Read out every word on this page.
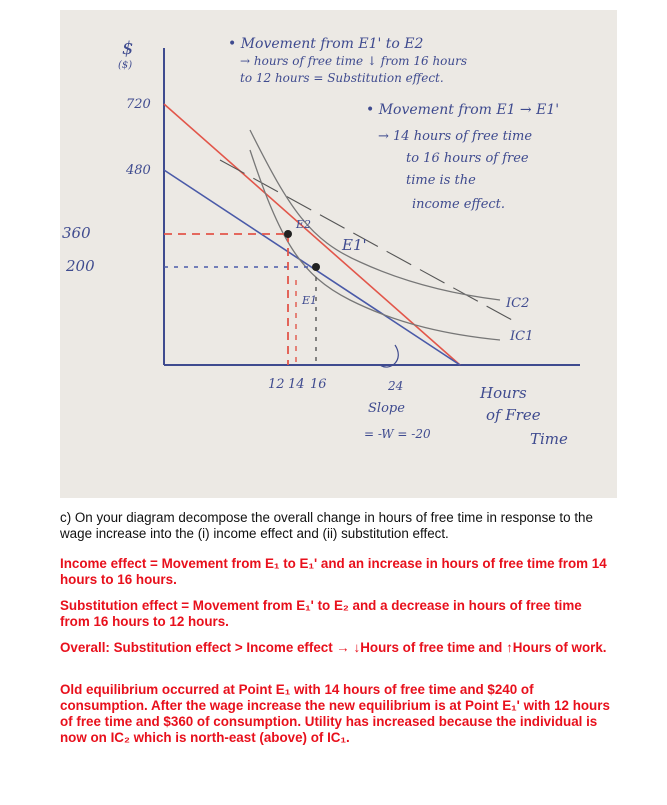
E2
E1'
E1	IC2
IC1
$
($)
720
480
360
200
12 14 16	24
Slope
= -W = -20
Hours
of Free
Time
• Movement from E1' to E2
→ hours of free time ↓ from 16 hours
to 12 hours = Substitution effect.
• Movement from E1 → E1'
→ 14 hours of free time
to 16 hours of free
time is the
income effect.
c) On your diagram decompose the overall change in hours of free time in response to the wage increase into the (i) income effect and (ii) substitution effect.
Income effect = Movement from E₁ to E₁' and an increase in hours of free time from 14 hours to 16 hours.
Substitution effect = Movement from E₁' to E₂ and a decrease in hours of free time from 16 hours to 12 hours.
Overall: Substitution effect > Income effect → ↓Hours of free time and ↑Hours of work.
Old equilibrium occurred at Point E₁ with 14 hours of free time and $240 of consumption. After the wage increase the new equilibrium is at Point E₁' with 12 hours of free time and $360 of consumption. Utility has increased because the individual is now on IC₂ which is north-east (above) of IC₁.
